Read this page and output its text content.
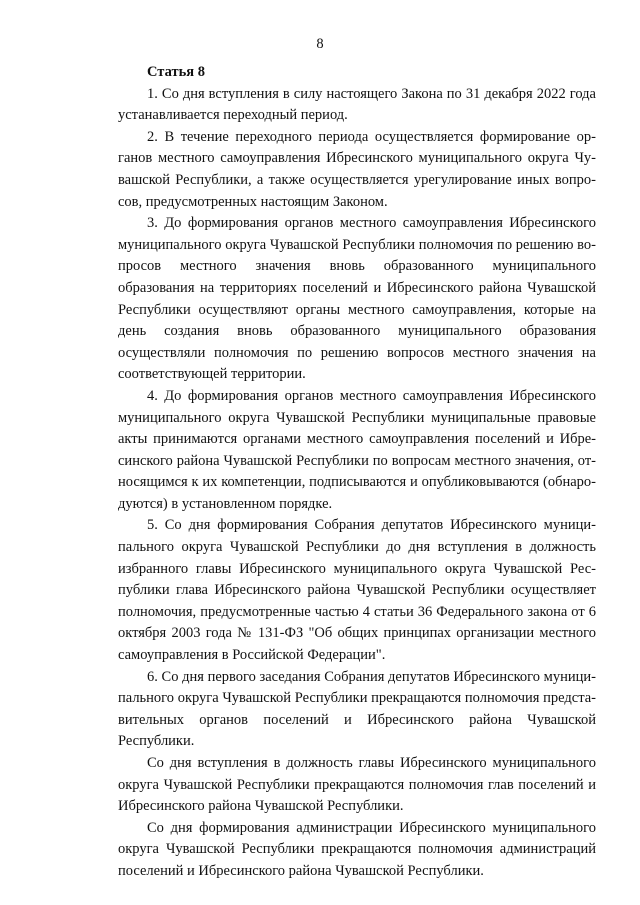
8
Статья 8

1. Со дня вступления в силу настоящего Закона по 31 декабря 2022 года устанавливается переходный период.

2. В течение переходного периода осуществляется формирование органов местного самоуправления Ибресинского муниципального округа Чувашской Республики, а также осуществляется урегулирование иных вопросов, предусмотренных настоящим Законом.

3. До формирования органов местного самоуправления Ибресинского муниципального округа Чувашской Республики полномочия по решению вопросов местного значения вновь образованного муниципального образования на территориях поселений и Ибресинского района Чувашской Республики осуществляют органы местного самоуправления, которые на день создания вновь образованного муниципального образования осуществляли полномочия по решению вопросов местного значения на соответствующей территории.

4. До формирования органов местного самоуправления Ибресинского муниципального округа Чувашской Республики муниципальные правовые акты принимаются органами местного самоуправления поселений и Ибресинского района Чувашской Республики по вопросам местного значения, относящимся к их компетенции, подписываются и опубликовываются (обнародуются) в установленном порядке.

5. Со дня формирования Собрания депутатов Ибресинского муниципального округа Чувашской Республики до дня вступления в должность избранного главы Ибресинского муниципального округа Чувашской Республики глава Ибресинского района Чувашской Республики осуществляет полномочия, предусмотренные частью 4 статьи 36 Федерального закона от 6 октября 2003 года № 131-ФЗ "Об общих принципах организации местного самоуправления в Российской Федерации".

6. Со дня первого заседания Собрания депутатов Ибресинского муниципального округа Чувашской Республики прекращаются полномочия представительных органов поселений и Ибресинского района Чувашской Республики.

Со дня вступления в должность главы Ибресинского муниципального округа Чувашской Республики прекращаются полномочия глав поселений и Ибресинского района Чувашской Республики.

Со дня формирования администрации Ибресинского муниципального округа Чувашской Республики прекращаются полномочия администраций поселений и Ибресинского района Чувашской Республики.
